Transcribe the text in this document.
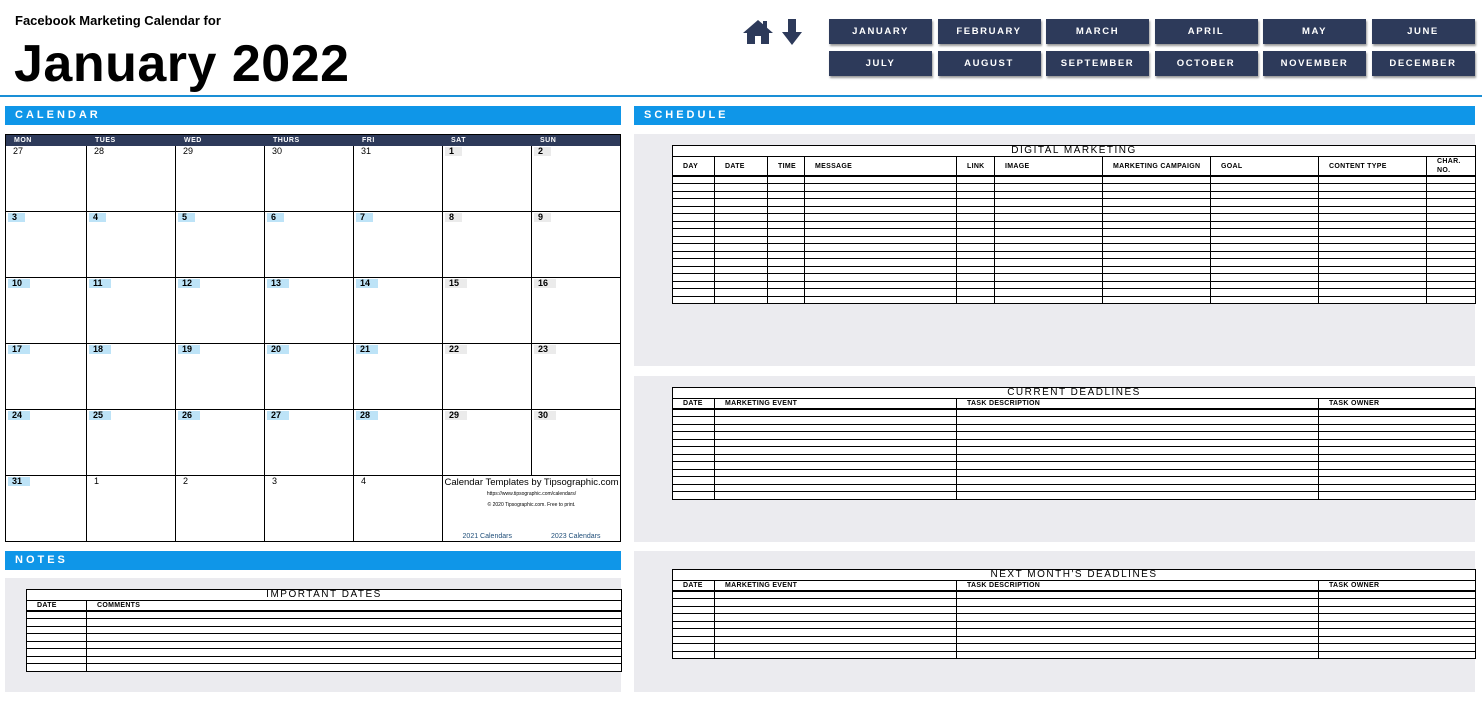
Facebook Marketing Calendar for
January 2022
JANUARY	FEBRUARY	MARCH	APRIL	MAY	JUNE
JULY	AUGUST	SEPTEMBER	OCTOBER	NOVEMBER	DECEMBER
CALENDAR	SCHEDULE
NOTES
MON	TUES	WED	THURS	FRI	SAT	SUN
27	28	29	30	31	1	2
3	4	5	6	7	8	9
10	11	12	13	14	15	16
17	18	19	20	21	22	23
24	25	26	27	28	29	30
31	1	2	3	4	Calendar Templates by Tipsographic.com
https://www.tipsographic.com/calendars/
© 2020 Tipsographic.com. Free to print.
2021 Calendars	2023 Calendars
DIGITAL MARKETING									
DAY	DATE	TIME	MESSAGE	LINK	IMAGE	MARKETING CAMPAIGN	GOAL	CONTENT TYPE	CHAR. NO.

CURRENT DEADLINES			
DATE	MARKETING EVENT	TASK DESCRIPTION	TASK OWNER

NEXT MONTH'S DEADLINES			
DATE	MARKETING EVENT	TASK DESCRIPTION	TASK OWNER

IMPORTANT DATES	
DATE	COMMENTS
